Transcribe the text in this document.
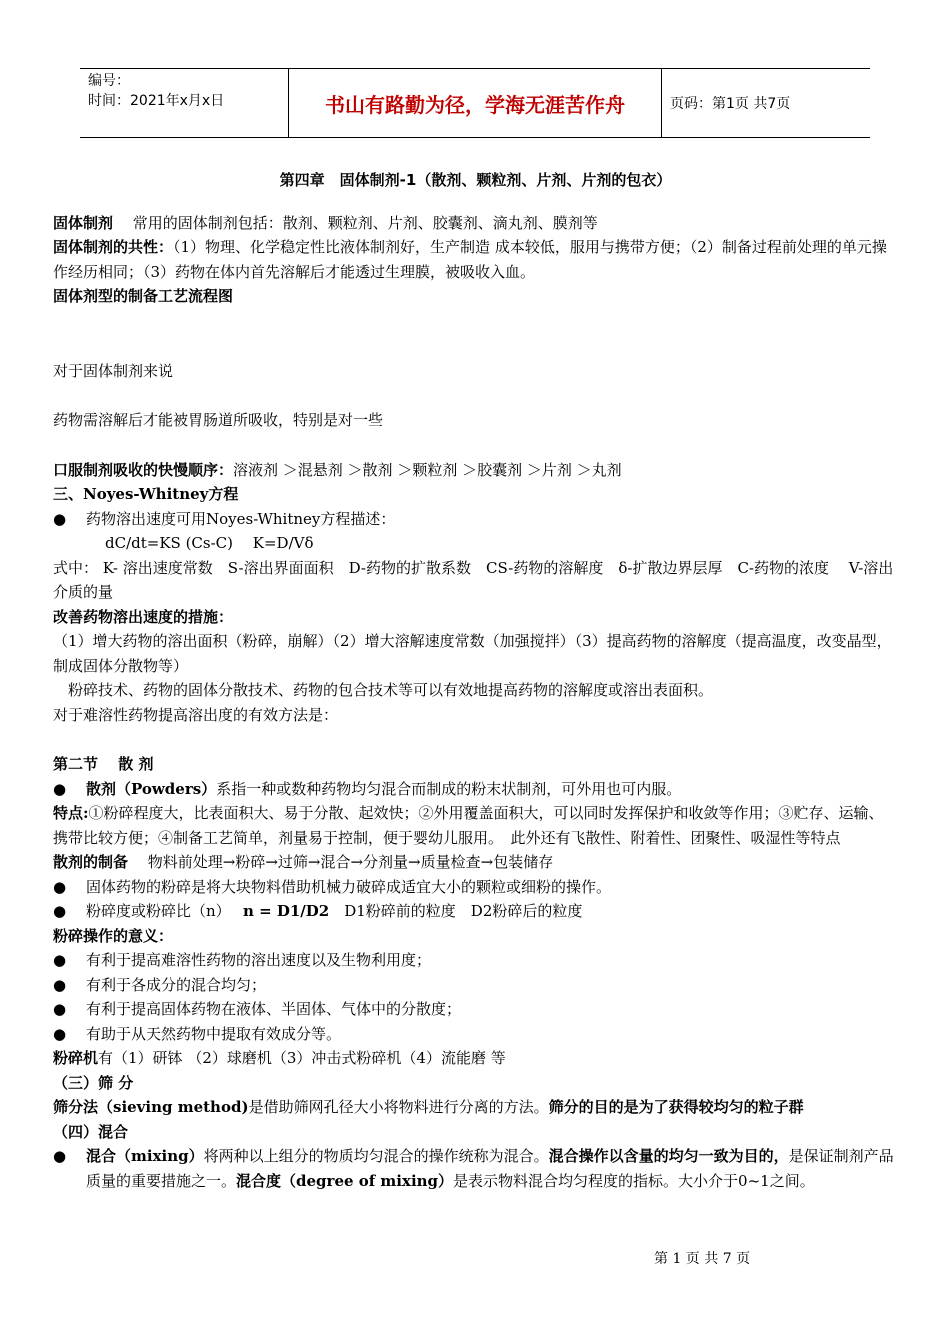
编号：
时间：2021年x月x日	书山有路勤为径，学海无涯苦作舟	页码：第1页 共7页
第四章　固体制剂-1（散剂、颗粒剂、片剂、片剂的包衣）

固体制剂　 常用的固体制剂包括：散剂、颗粒剂、片剂、胶囊剂、滴丸剂、膜剂等

固体制剂的共性：（1）物理、化学稳定性比液体制剂好，生产制造 成本较低，服用与携带方便；（2）制备过程前处理的单元操作经历相同；（3）药物在体内首先溶解后才能透过生理膜，被吸收入血。

固体剂型的制备工艺流程图

对于固体制剂来说

药物需溶解后才能被胃肠道所吸收，特别是对一些

口服制剂吸收的快慢顺序：溶液剂 ＞混悬剂 ＞散剂 ＞颗粒剂 ＞胶囊剂 ＞片剂 ＞丸剂

三、Noyes-Whitney方程

●	药物溶出速度可用Noyes-Whitney方程描述：

dC/dt=KS (Cs-C)　 K=D/Vδ

式中： K- 溶出速度常数　S-溶出界面面积　D-药物的扩散系数　CS-药物的溶解度　δ-扩散边界层厚　C-药物的浓度　 V-溶出介质的量

改善药物溶出速度的措施：

（1）增大药物的溶出面积（粉碎，崩解）（2）增大溶解速度常数（加强搅拌）（3）提高药物的溶解度（提高温度，改变晶型，制成固体分散物等）

　粉碎技术、药物的固体分散技术、药物的包合技术等可以有效地提高药物的溶解度或溶出表面积。

对于难溶性药物提高溶出度的有效方法是：

第二节　 散 剂

●	散剂（Powders）系指一种或数种药物均匀混合而制成的粉末状制剂，可外用也可内服。

特点:①粉碎程度大，比表面积大、易于分散、起效快；②外用覆盖面积大，可以同时发挥保护和收敛等作用；③贮存、运输、携带比较方便；④制备工艺简单，剂量易于控制，便于婴幼儿服用。　此外还有飞散性、附着性、团聚性、吸湿性等特点

散剂的制备　 物料前处理→粉碎→过筛→混合→分剂量→质量检查→包装储存

●	固体药物的粉碎是将大块物料借助机械力破碎成适宜大小的颗粒或细粉的操作。
●	粉碎度或粉碎比（n）　 n = D1/D2　D1粉碎前的粒度　D2粉碎后的粒度

粉碎操作的意义：

●	有利于提高难溶性药物的溶出速度以及生物利用度；
●	有利于各成分的混合均匀；
●	有利于提高固体药物在液体、半固体、气体中的分散度；
●	有助于从天然药物中提取有效成分等。

粉碎机有（1）研钵 （2）球磨机（3）冲击式粉碎机（4）流能磨 等

（三）筛 分

筛分法（sieving method)是借助筛网孔径大小将物料进行分离的方法。筛分的目的是为了获得较均匀的粒子群

（四）混合

●	混合（mixing）将两种以上组分的物质均匀混合的操作统称为混合。混合操作以含量的均匀一致为目的，是保证制剂产品质量的重要措施之一。混合度（degree of mixing）是表示物料混合均匀程度的指标。大小介于0~1之间。
第 1 页 共 7 页
